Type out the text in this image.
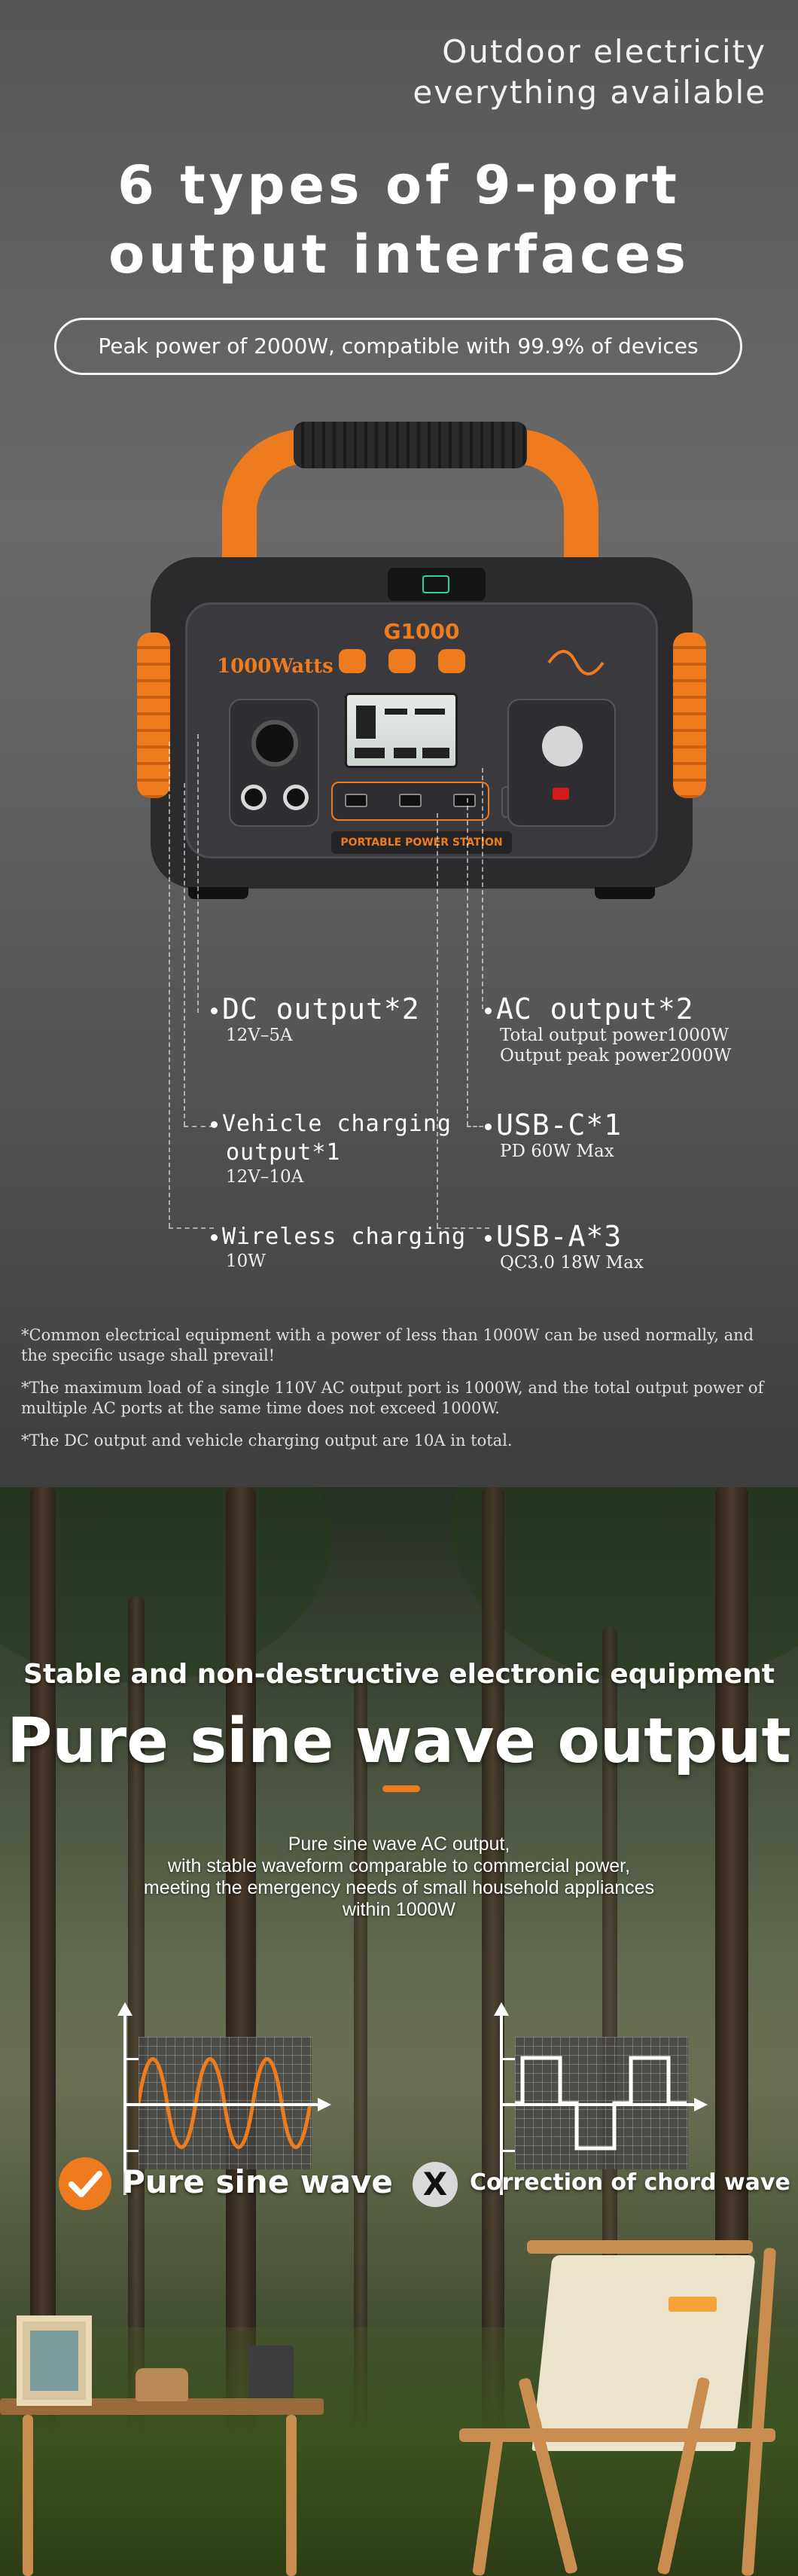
Outdoor electricity
everything available
6 types of 9-port
output interfaces
Peak power of 2000W, compatible with 99.9% of devices
G1000
1000Watts
PORTABLE POWER STATION
DC output*2
12V–5A
AC output*2
Total output power1000W
Output peak power2000W
Vehicle charging
output*1
12V–10A
USB-C*1
PD 60W Max
Wireless charging
10W
USB-A*3
QC3.0 18W Max

*Common electrical equipment with a power of less than 1000W can be used normally, and the specific usage shall prevail!

*The maximum load of a single 110V AC output port is 1000W, and the total output power of multiple AC ports at the same time does not exceed 1000W.

*The DC output and vehicle charging output are 10A in total.

Stable and non-destructive electronic equipment
Pure sine wave output
Pure sine wave AC output,
with stable waveform comparable to commercial power,
meeting the emergency needs of small household appliances
within 1000W
Pure sine wave X Correction of chord wave
